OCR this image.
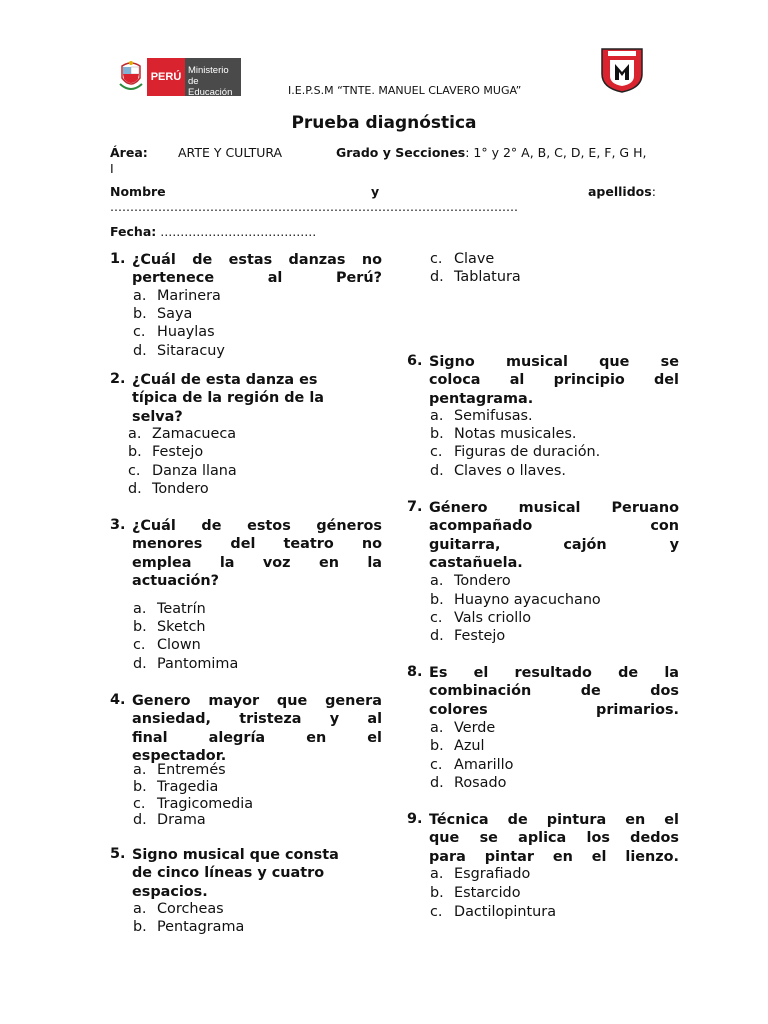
PERÚ
Ministerio
de Educación	I.E.P.S.M “TNTE. MANUEL CLAVERO MUGA”
Prueba diagnóstica
Área: ARTE Y CULTURA	Grado y Secciones: 1° y 2° A, B, C, D, E, F, G H,
I
Nombre	y	apellidos:
…………………………………………………………………………………………
Fecha: …………………………………
1. ¿Cuál de estas danzas no
pertenece al Perú?
a. Marinera
b. Saya
c. Huaylas
d. Sitaracuy
2. ¿Cuál de esta danza es
típica de la región de la
selva?
a. Zamacueca
b. Festejo
c. Danza llana
d. Tondero
3. ¿Cuál de estos géneros
menores del teatro no
emplea la voz en la
actuación?
a. Teatrín
b. Sketch
c. Clown
d. Pantomima
4. Genero mayor que genera
ansiedad, tristeza y al
final alegría en el
espectador.
a. Entremés
b. Tragedia
c. Tragicomedia
d. Drama
5. Signo musical que consta
de cinco líneas y cuatro
espacios.
a. Corcheas
b. Pentagrama
c. Clave
d. Tablatura
6. Signo musical que se
coloca al principio del
pentagrama.
a. Semifusas.
b. Notas musicales.
c. Figuras de duración.
d. Claves o llaves.
7. Género musical Peruano
acompañado con
guitarra, cajón y
castañuela.
a. Tondero
b. Huayno ayacuchano
c. Vals criollo
d. Festejo
8. Es el resultado de la
combinación de dos
colores primarios.
a. Verde
b. Azul
c. Amarillo
d. Rosado
9. Técnica de pintura en el
que se aplica los dedos
para pintar en el lienzo.
a. Esgrafiado
b. Estarcido
c. Dactilopintura
